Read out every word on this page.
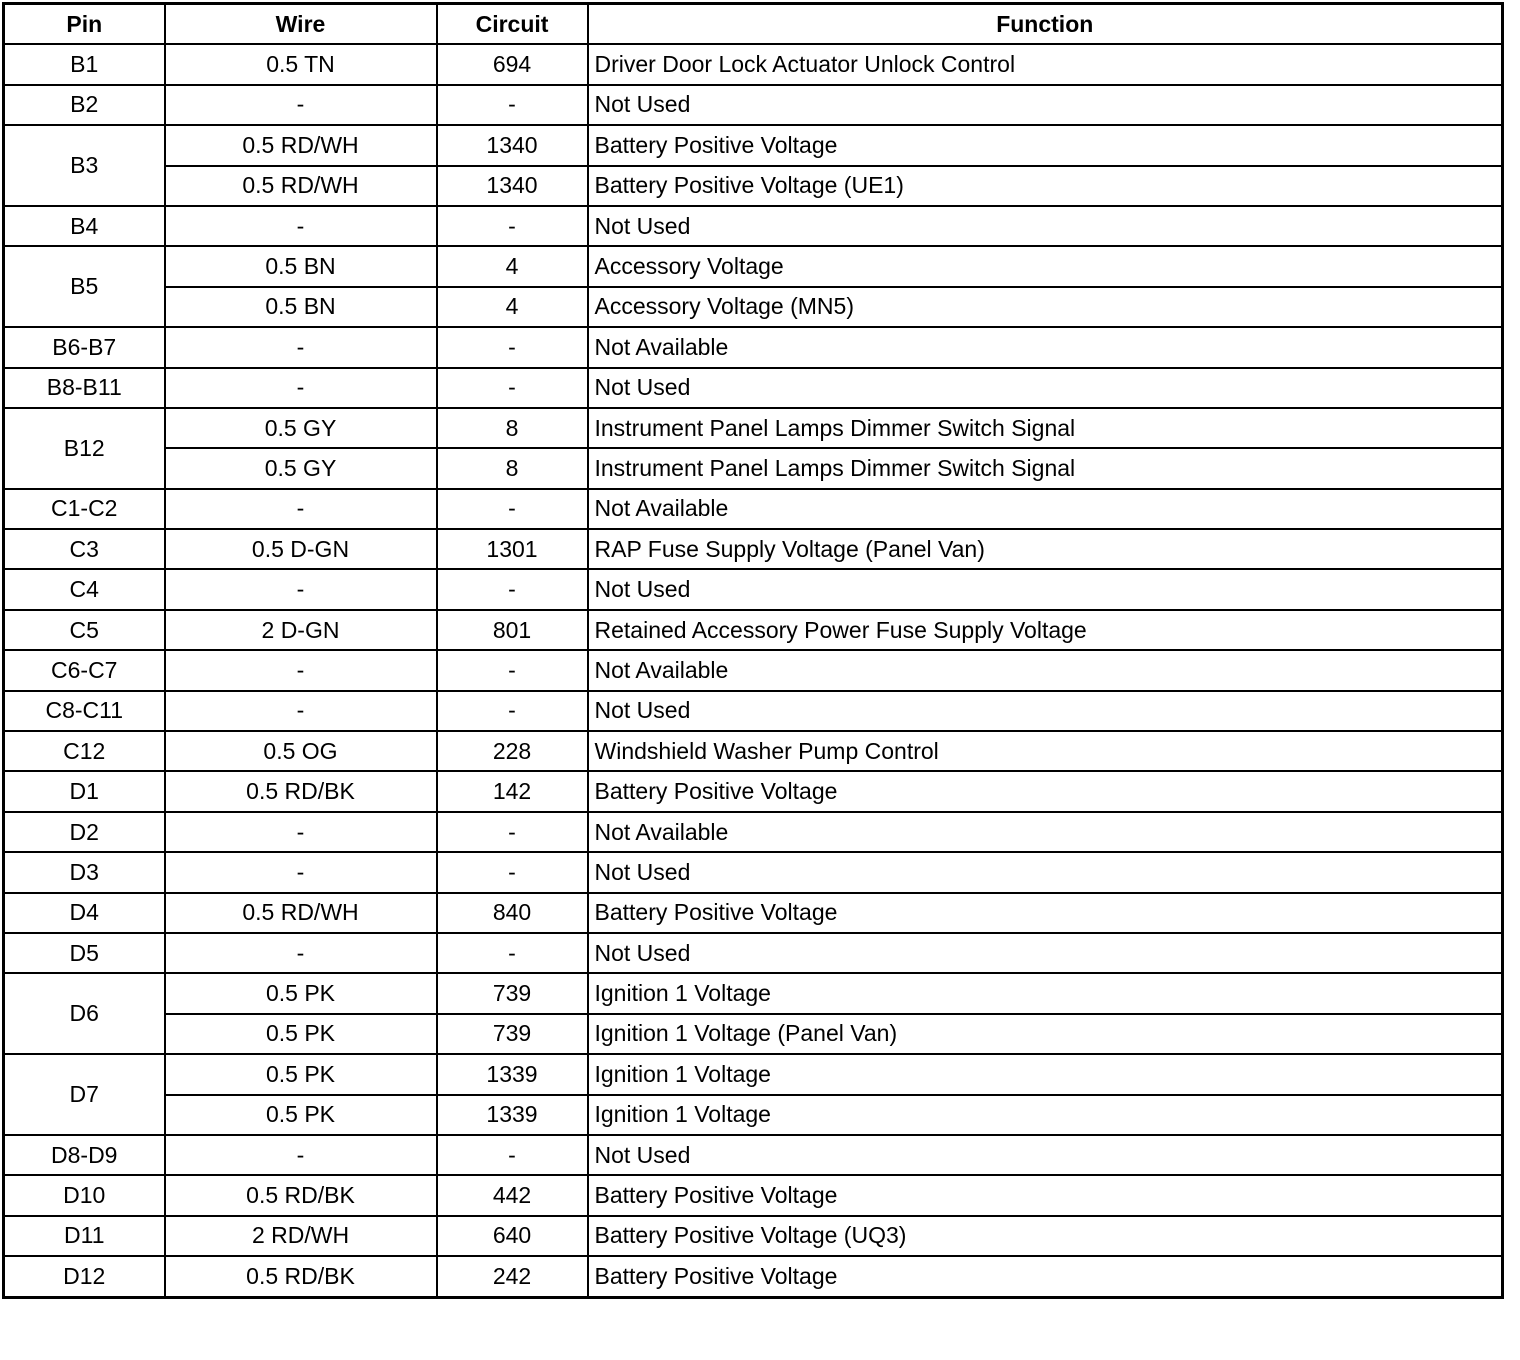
Pin	Wire	Circuit	Function
B1	0.5 TN	694	Driver Door Lock Actuator Unlock Control
B2	-	-	Not Used
B3	0.5 RD/WH	1340	Battery Positive Voltage
	0.5 RD/WH	1340	Battery Positive Voltage (UE1)
B4	-	-	Not Used
B5	0.5 BN	4	Accessory Voltage
	0.5 BN	4	Accessory Voltage (MN5)
B6-B7	-	-	Not Available
B8-B11	-	-	Not Used
B12	0.5 GY	8	Instrument Panel Lamps Dimmer Switch Signal
	0.5 GY	8	Instrument Panel Lamps Dimmer Switch Signal
C1-C2	-	-	Not Available
C3	0.5 D-GN	1301	RAP Fuse Supply Voltage (Panel Van)
C4	-	-	Not Used
C5	2 D-GN	801	Retained Accessory Power Fuse Supply Voltage
C6-C7	-	-	Not Available
C8-C11	-	-	Not Used
C12	0.5 OG	228	Windshield Washer Pump Control
D1	0.5 RD/BK	142	Battery Positive Voltage
D2	-	-	Not Available
D3	-	-	Not Used
D4	0.5 RD/WH	840	Battery Positive Voltage
D5	-	-	Not Used
D6	0.5 PK	739	Ignition 1 Voltage
	0.5 PK	739	Ignition 1 Voltage (Panel Van)
D7	0.5 PK	1339	Ignition 1 Voltage
	0.5 PK	1339	Ignition 1 Voltage
D8-D9	-	-	Not Used
D10	0.5 RD/BK	442	Battery Positive Voltage
D11	2 RD/WH	640	Battery Positive Voltage (UQ3)
D12	0.5 RD/BK	242	Battery Positive Voltage
